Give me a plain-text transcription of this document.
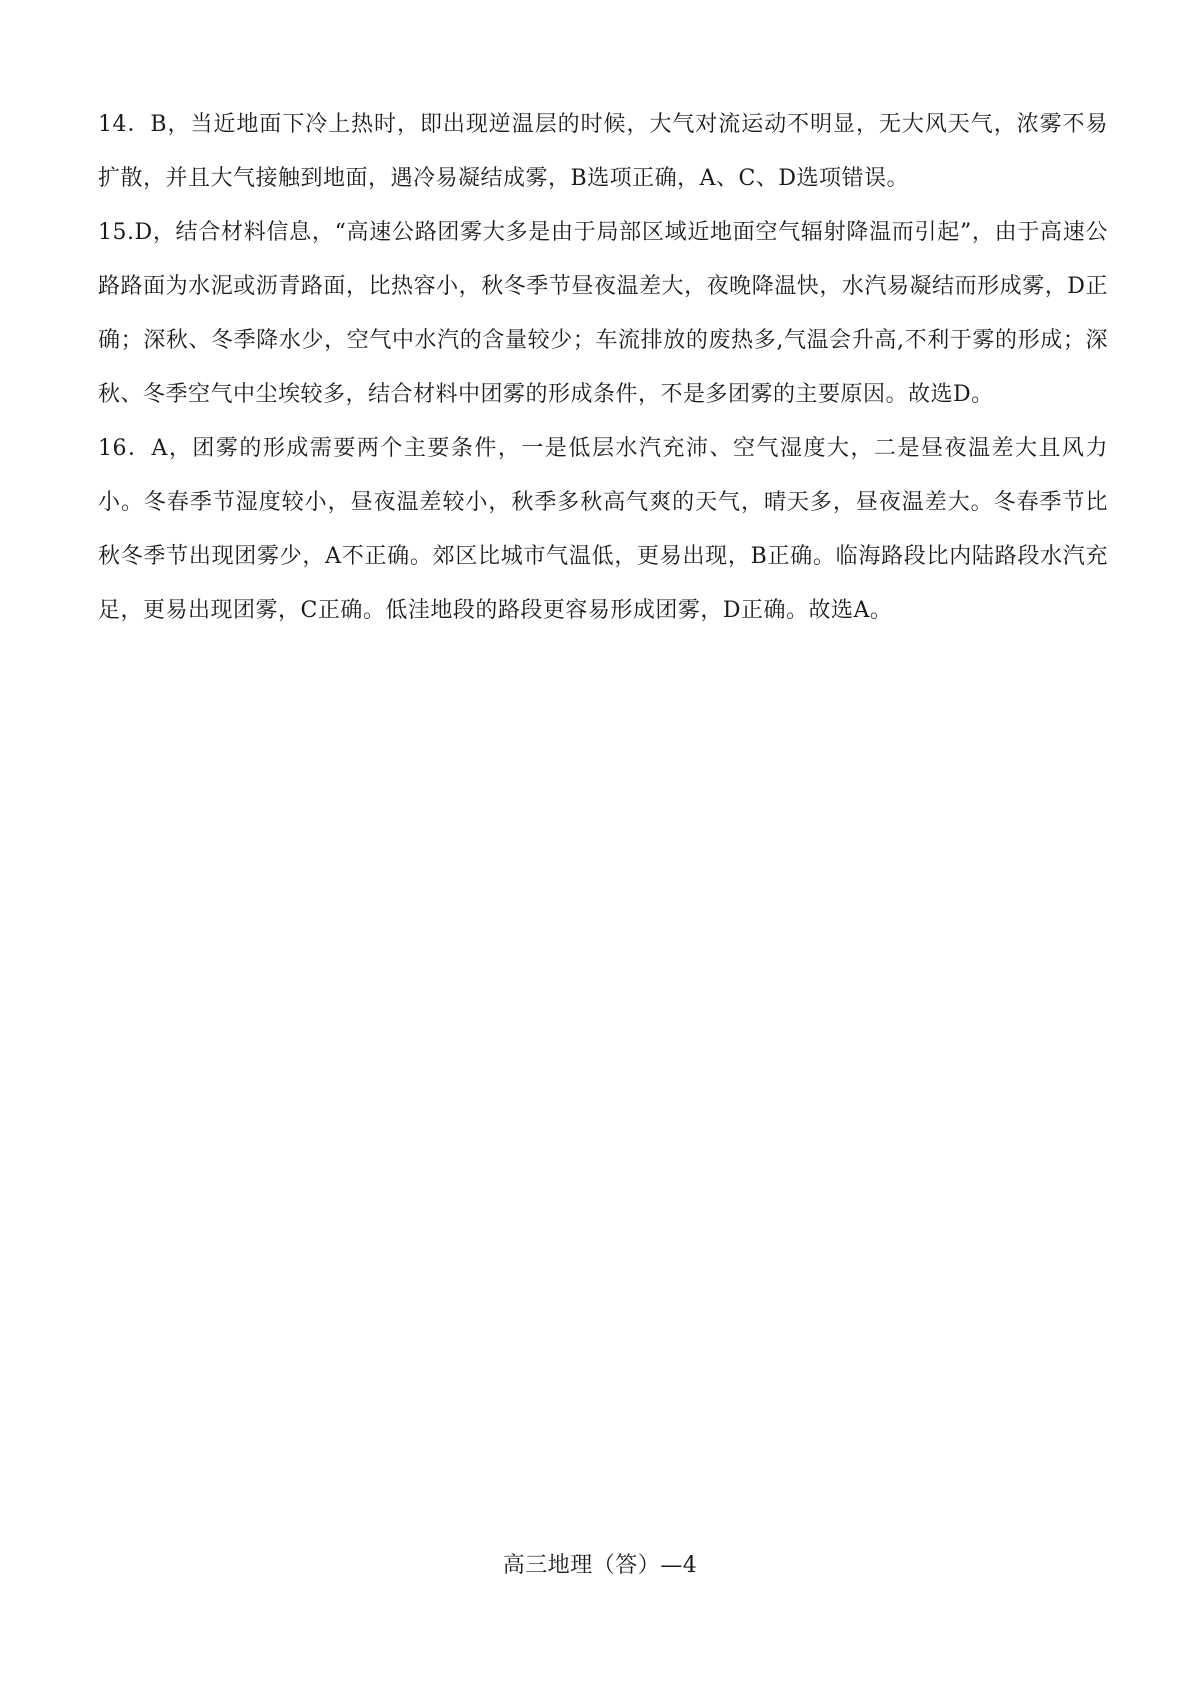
14．B，当近地面下冷上热时，即出现逆温层的时候，大气对流运动不明显，无大风天气，浓雾不易扩散，并且大气接触到地面，遇冷易凝结成雾，B选项正确，A、C、D选项错误。

15.D，结合材料信息，“高速公路团雾大多是由于局部区域近地面空气辐射降温而引起”，由于高速公路路面为水泥或沥青路面，比热容小，秋冬季节昼夜温差大，夜晚降温快，水汽易凝结而形成雾，D正确；深秋、冬季降水少，空气中水汽的含量较少；车流排放的废热多,气温会升高,不利于雾的形成；深秋、冬季空气中尘埃较多，结合材料中团雾的形成条件，不是多团雾的主要原因。故选D。

16．A，团雾的形成需要两个主要条件，一是低层水汽充沛、空气湿度大，二是昼夜温差大且风力小。冬春季节湿度较小，昼夜温差较小，秋季多秋高气爽的天气，晴天多，昼夜温差大。冬春季节比秋冬季节出现团雾少，A不正确。郊区比城市气温低，更易出现，B正确。临海路段比内陆路段水汽充足，更易出现团雾，C正确。低洼地段的路段更容易形成团雾，D正确。故选A。

高三地理（答）—4
